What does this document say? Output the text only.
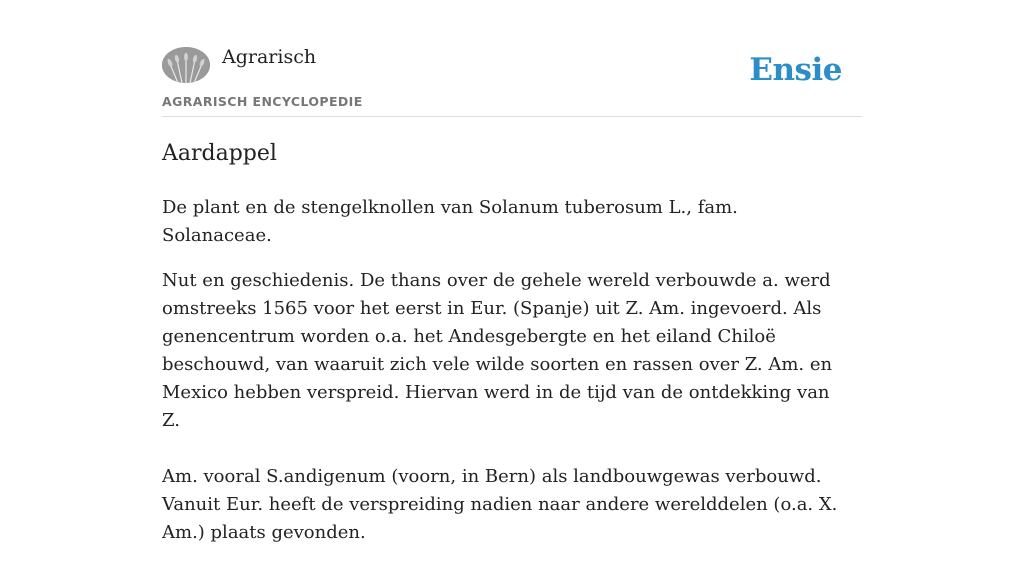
Agrarisch
AGRARISCH ENCYCLOPEDIE
Ensie
Aardappel

De plant en de stengelknollen van Solanum tuberosum L., fam. Solanaceae.

Nut en geschiedenis. De thans over de gehele wereld verbouwde a. werd omstreeks 1565 voor het eerst in Eur. (Spanje) uit Z. Am. ingevoerd. Als genencentrum worden o.a. het Andesgebergte en het eiland Chiloë beschouwd, van waaruit zich vele wilde soorten en rassen over Z. Am. en Mexico hebben verspreid. Hiervan werd in de tijd van de ontdekking van Z.

Am. vooral S.andigenum (voorn, in Bern) als landbouwgewas verbouwd. Vanuit Eur. heeft de verspreiding nadien naar andere werelddelen (o.a. X. Am.) plaats gevonden.
